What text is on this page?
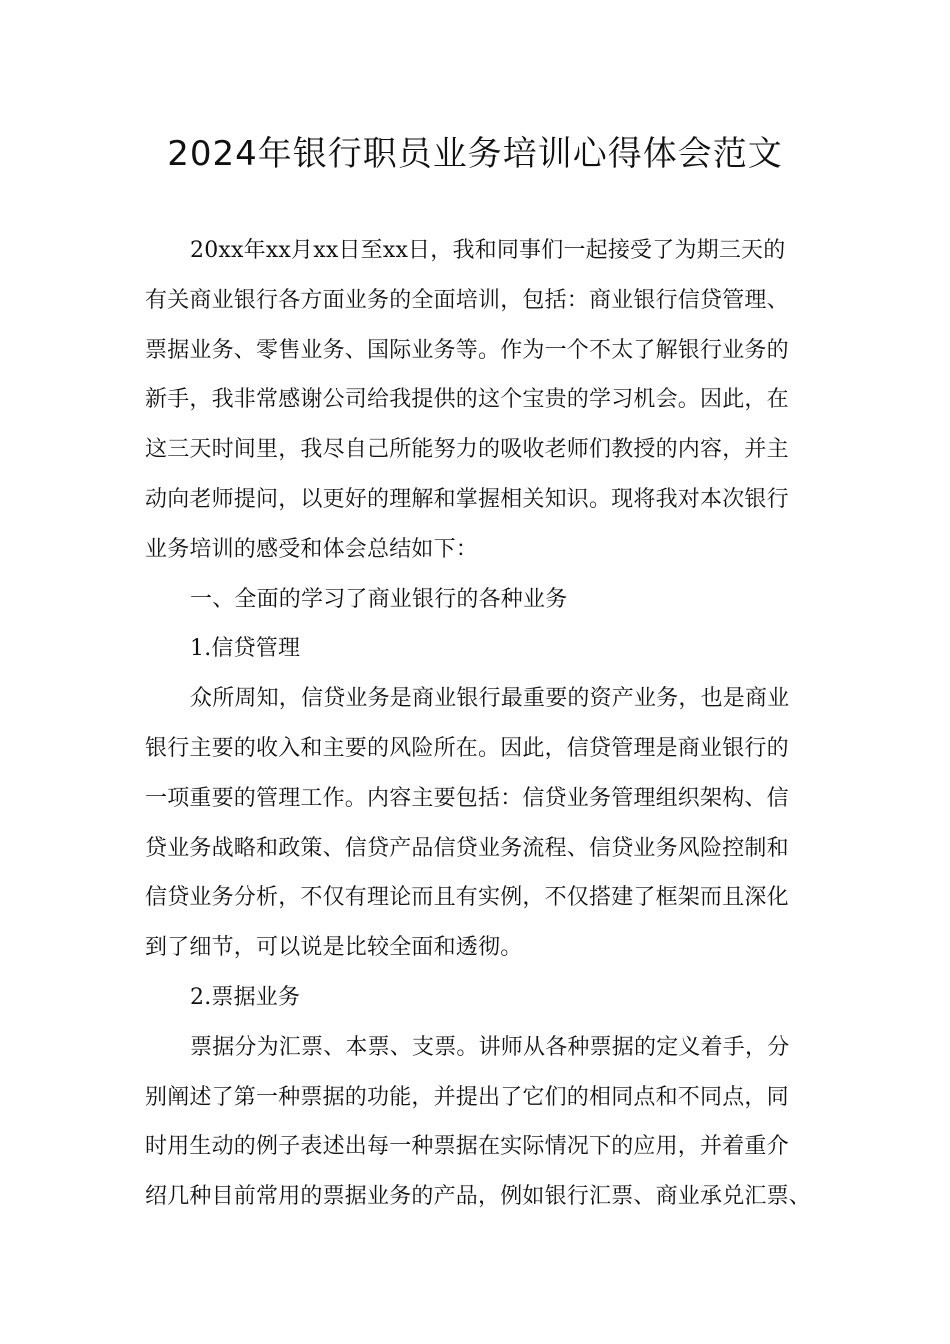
2024年银行职员业务培训心得体会范文
20xx年xx月xx日至xx日，我和同事们一起接受了为期三天的
有关商业银行各方面业务的全面培训，包括：商业银行信贷管理、
票据业务、零售业务、国际业务等。作为一个不太了解银行业务的
新手，我非常感谢公司给我提供的这个宝贵的学习机会。因此，在
这三天时间里，我尽自己所能努力的吸收老师们教授的内容，并主
动向老师提问，以更好的理解和掌握相关知识。现将我对本次银行
业务培训的感受和体会总结如下：
一、全面的学习了商业银行的各种业务
1.信贷管理
众所周知，信贷业务是商业银行最重要的资产业务，也是商业
银行主要的收入和主要的风险所在。因此，信贷管理是商业银行的
一项重要的管理工作。内容主要包括：信贷业务管理组织架构、信
贷业务战略和政策、信贷产品信贷业务流程、信贷业务风险控制和
信贷业务分析，不仅有理论而且有实例，不仅搭建了框架而且深化
到了细节，可以说是比较全面和透彻。
2.票据业务
票据分为汇票、本票、支票。讲师从各种票据的定义着手，分
别阐述了第一种票据的功能，并提出了它们的相同点和不同点，同
时用生动的例子表述出每一种票据在实际情况下的应用，并着重介
绍几种目前常用的票据业务的产品，例如银行汇票、商业承兑汇票、
